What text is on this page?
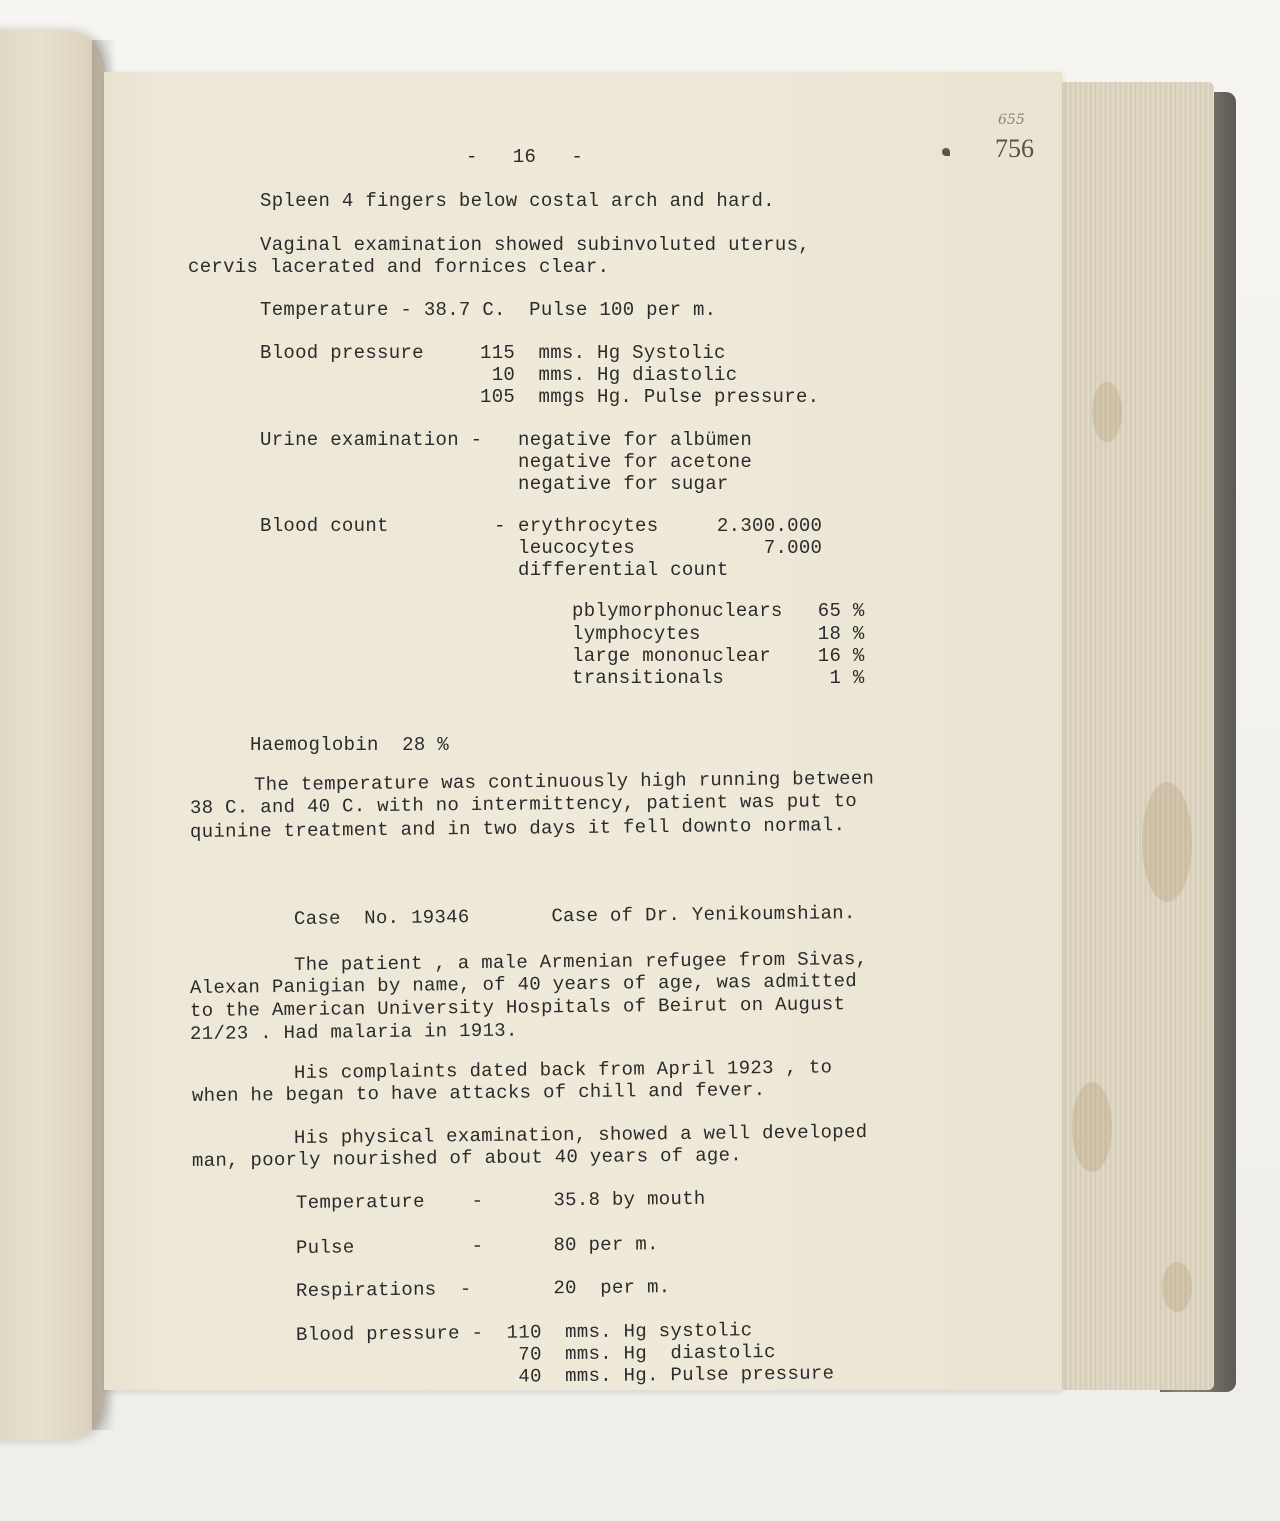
655
756
-   16   -
Spleen 4 fingers below costal arch and hard.
Vaginal examination showed subinvoluted uterus,
cervis lacerated and fornices clear.
Temperature - 38.7 C.  Pulse 100 per m.
Blood pressure	115  mms. Hg Systolic
10  mms. Hg diastolic
105  mmgs Hg. Pulse pressure.
Urine examination - negative for albümen
negative for acetone
negative for sugar
Blood count	- erythrocytes     2.300.000
leucocytes           7.000
differential count
pblymorphonuclears   65 %
lymphocytes          18 %
large mononuclear    16 %
transitionals         1 %
Haemoglobin  28 %
The temperature was continuously high running between
38 C. and 40 C. with no intermittency, patient was put to
quinine treatment and in two days it fell downto normal.
Case  No. 19346       Case of Dr. Yenikoumshian.
The patient , a male Armenian refugee from Sivas,
Alexan Panigian by name, of 40 years of age, was admitted
to the American University Hospitals of Beirut on August
21/23 . Had malaria in 1913.
His complaints dated back from April 1923 , to
when he began to have attacks of chill and fever.
His physical examination, showed a well developed
man, poorly nourished of about 40 years of age.
Temperature    -      35.8 by mouth
Pulse          -      80 per m.
Respirations  -       20  per m.
Blood pressure -  110  mms. Hg systolic
70  mms. Hg  diastolic
40  mms. Hg. Pulse pressure
